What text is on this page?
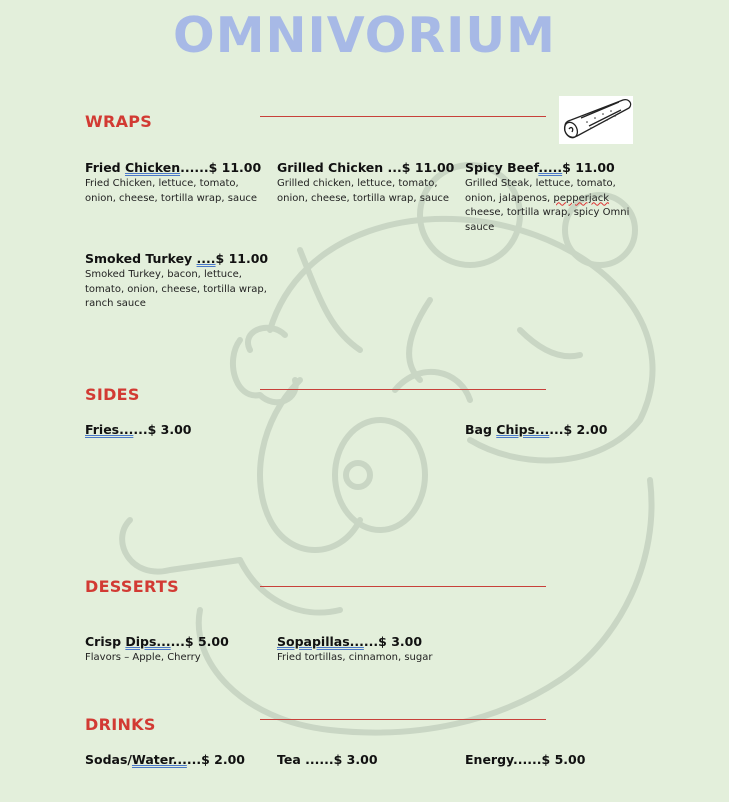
OMNIVORIUM
WRAPS
Fried Chicken......$ 11.00
Fried Chicken, lettuce, tomato, onion, cheese, tortilla wrap, sauce
Grilled Chicken ...$ 11.00
Grilled chicken, lettuce, tomato, onion, cheese, tortilla wrap, sauce
Spicy Beef.....$ 11.00
Grilled Steak, lettuce, tomato, onion, jalapenos, pepperjack cheese, tortilla wrap, spicy Omni sauce
Smoked Turkey ....$ 11.00
Smoked Turkey, bacon, lettuce, tomato, onion, cheese, tortilla wrap, ranch sauce
SIDES
Fries......$ 3.00	Bag Chips......$ 2.00
DESSERTS
Crisp Dips......$ 5.00
Flavors – Apple, Cherry
Sopapillas......$ 3.00
Fried tortillas, cinnamon, sugar
DRINKS
Sodas/Water......$ 2.00	Tea ......$ 3.00	Energy......$ 5.00
